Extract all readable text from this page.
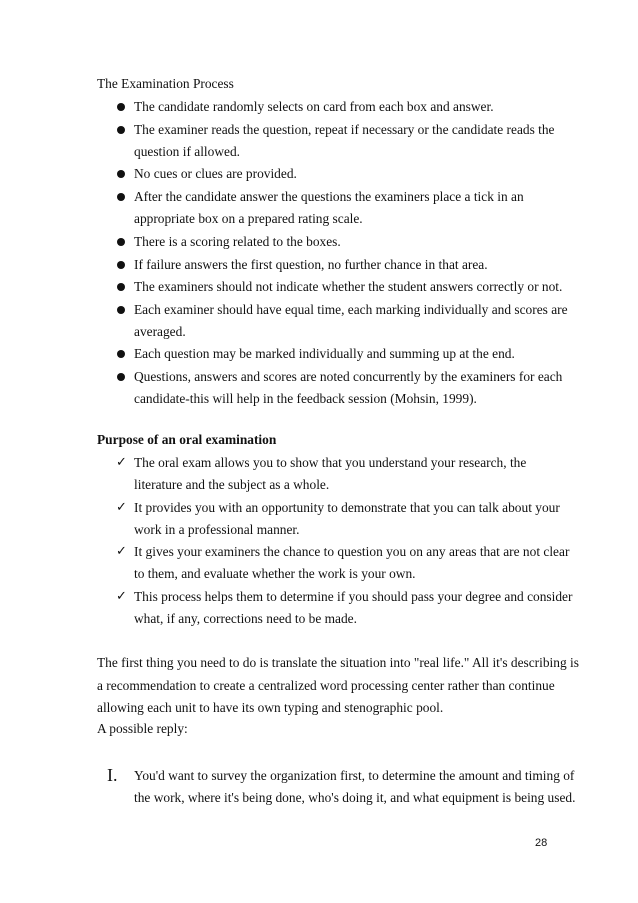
The Examination Process
The candidate randomly selects on card from each box and answer.
The examiner reads the question, repeat if necessary or the candidate reads the
question if allowed.
No cues or clues are provided.
After the candidate answer the questions the examiners place a tick in an
appropriate box on a prepared rating scale.
There is a scoring related to the boxes.
If failure answers the first question, no further chance in that area.
The examiners should not indicate whether the student answers correctly or not.
Each examiner should have equal time, each marking individually and scores are
averaged.
Each question may be marked individually and summing up at the end.
Questions, answers and scores are noted concurrently by the examiners for each
candidate-this will help in the feedback session (Mohsin, 1999).
Purpose of an oral examination
✓ The oral exam allows you to show that you understand your research, the
literature and the subject as a whole.
✓ It provides you with an opportunity to demonstrate that you can talk about your
work in a professional manner.
✓ It gives your examiners the chance to question you on any areas that are not clear
to them, and evaluate whether the work is your own.
✓ This process helps them to determine if you should pass your degree and consider
what, if any, corrections need to be made.
The first thing you need to do is translate the situation into "real life." All it's describing is
a recommendation to create a centralized word processing center rather than continue
allowing each unit to have its own typing and stenographic pool.
A possible reply:
I. You'd want to survey the organization first, to determine the amount and timing of
the work, where it's being done, who's doing it, and what equipment is being used.
28
